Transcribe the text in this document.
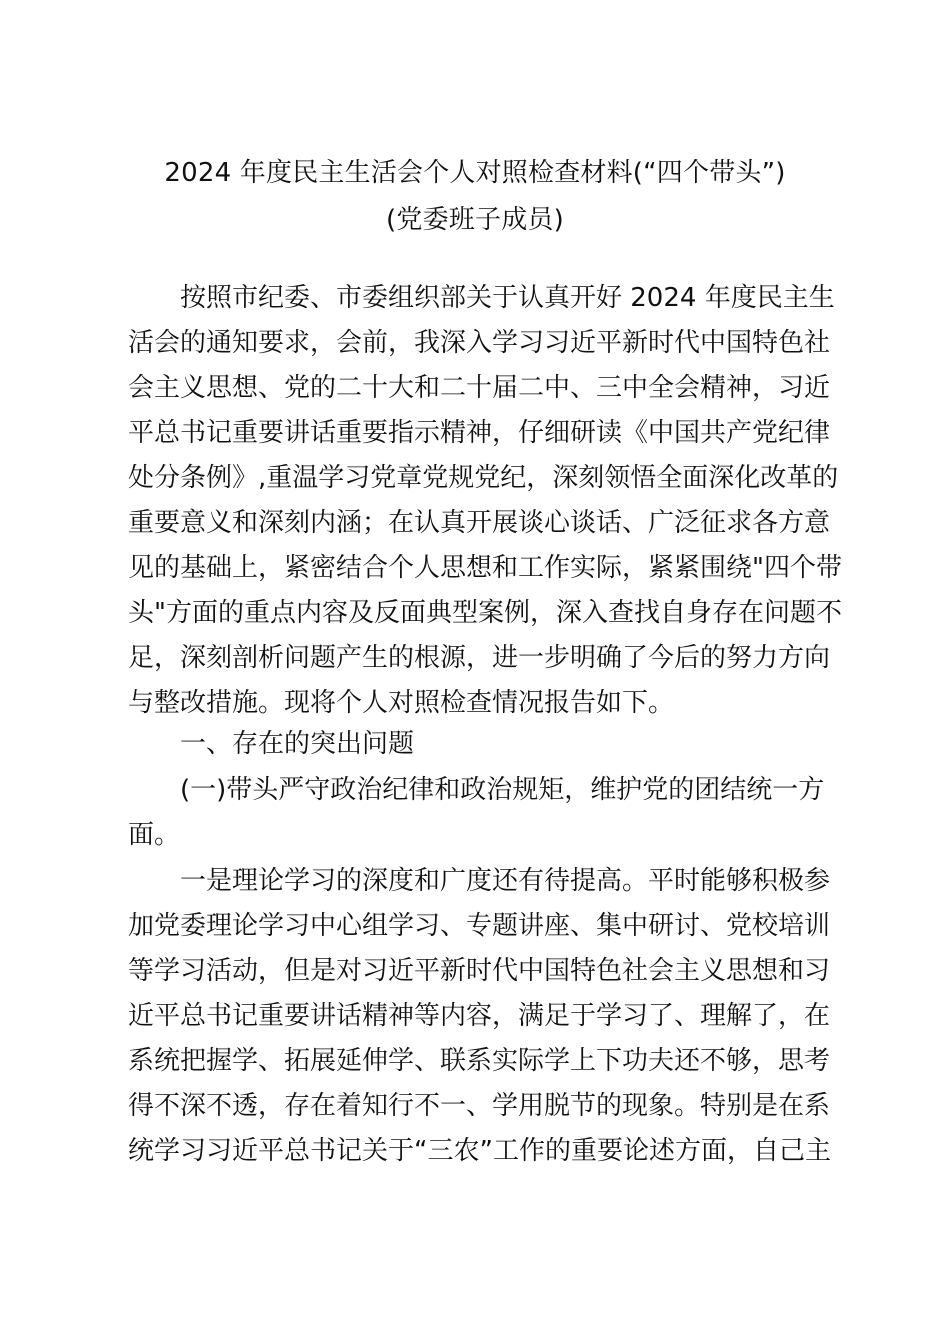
2024 年度民主生活会个人对照检查材料(“四个带头”)
(党委班子成员)
按照市纪委、市委组织部关于认真开好 2024 年度民主生
活会的通知要求，会前，我深入学习习近平新时代中国特色社
会主义思想、党的二十大和二十届二中、三中全会精神，习近
平总书记重要讲话重要指示精神，仔细研读《中国共产党纪律
处分条例》,重温学习党章党规党纪，深刻领悟全面深化改革的
重要意义和深刻内涵；在认真开展谈心谈话、广泛征求各方意
见的基础上，紧密结合个人思想和工作实际，紧紧围绕"四个带
头"方面的重点内容及反面典型案例，深入查找自身存在问题不
足，深刻剖析问题产生的根源，进一步明确了今后的努力方向
与整改措施。现将个人对照检查情况报告如下。
一、存在的突出问题
(一)带头严守政治纪律和政治规矩，维护党的团结统一方
面。
一是理论学习的深度和广度还有待提高。平时能够积极参
加党委理论学习中心组学习、专题讲座、集中研讨、党校培训
等学习活动，但是对习近平新时代中国特色社会主义思想和习
近平总书记重要讲话精神等内容，满足于学习了、理解了，在
系统把握学、拓展延伸学、联系实际学上下功夫还不够，思考
得不深不透，存在着知行不一、学用脱节的现象。特别是在系
统学习习近平总书记关于“三农”工作的重要论述方面，自己主
